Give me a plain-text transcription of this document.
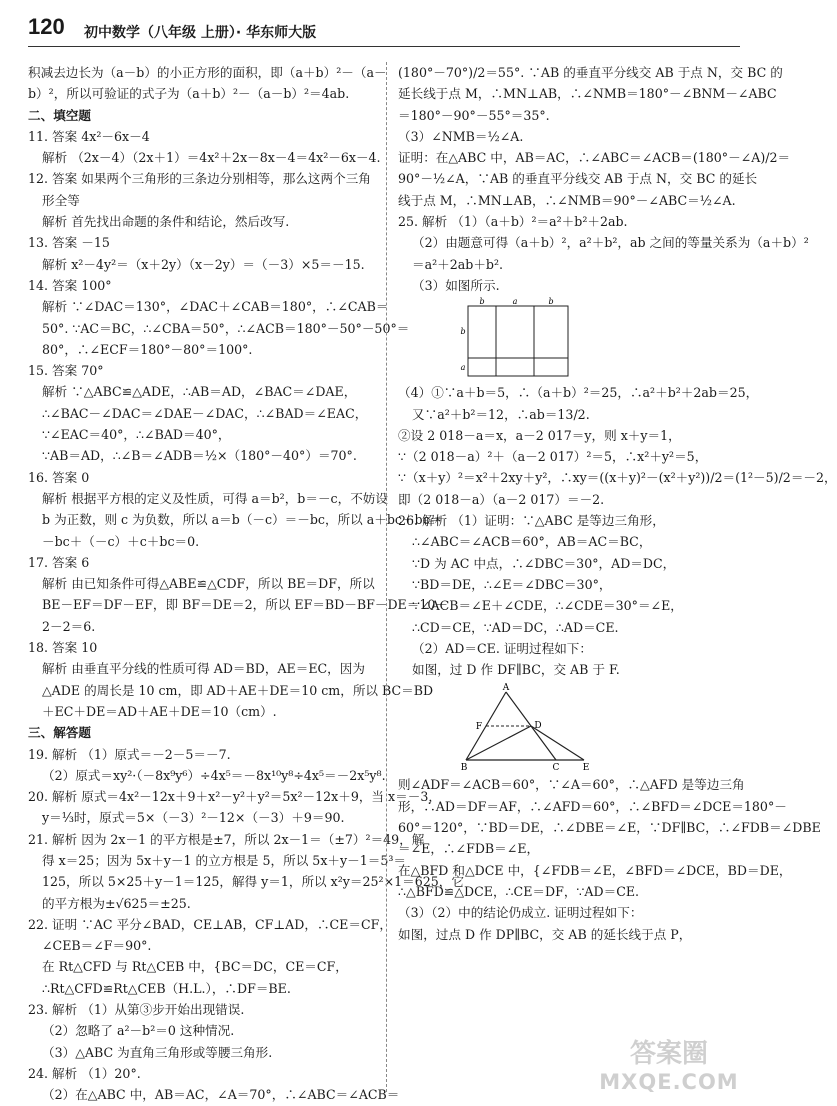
120 初中数学（八年级 上册）· 华东师大版
积减去边长为（a－b）的小正方形的面积，即（a＋b）²－（a－
b）²，所以可验证的式子为（a＋b）²－（a－b）²＝4ab.
二、填空题
11. 答案 4x²－6x－4
解析 （2x－4）（2x＋1）＝4x²＋2x－8x－4＝4x²－6x－4.
12. 答案 如果两个三角形的三条边分别相等，那么这两个三角
形全等
解析 首先找出命题的条件和结论，然后改写.
13. 答案 －15
解析 x²－4y²＝（x＋2y）（x－2y）＝（－3）×5＝－15.
14. 答案 100°
解析 ∵∠DAC＝130°，∠DAC＋∠CAB＝180°，∴∠CAB＝
50°. ∵AC＝BC，∴∠CBA＝50°，∴∠ACB＝180°－50°－50°＝
80°，∴∠ECF＝180°－80°＝100°.
15. 答案 70°
解析 ∵△ABC≌△ADE，∴AB＝AD，∠BAC＝∠DAE，
∴∠BAC－∠DAC＝∠DAE－∠DAC，∴∠BAD＝∠EAC，
∵∠EAC＝40°，∴∠BAD＝40°，
∵AB＝AD，∴∠B＝∠ADB＝½×（180°－40°）＝70°.
16. 答案 0
解析 根据平方根的定义及性质，可得 a＝b²，b＝－c，不妨设
b 为正数，则 c 为负数，所以 a＝b（－c）＝－bc，所以 a＋bc＋bc＝
－bc＋（－c）＋c＋bc＝0.
17. 答案 6
解析 由已知条件可得△ABE≌△CDF，所以 BE＝DF，所以
BE－EF＝DF－EF，即 BF＝DE＝2，所以 EF＝BD－BF－DE＝10－
2－2＝6.
18. 答案 10
解析 由垂直平分线的性质可得 AD＝BD，AE＝EC，因为
△ADE 的周长是 10 cm，即 AD＋AE＋DE＝10 cm，所以 BC＝BD
＋EC＋DE＝AD＋AE＋DE＝10（cm）.
三、解答题
19. 解析 （1）原式＝－2－5＝－7.
（2）原式＝xy²·（－8x⁹y⁶）÷4x⁵＝－8x¹⁰y⁸÷4x⁵＝－2x⁵y⁸.
20. 解析 原式＝4x²－12x＋9＋x²－y²＋y²＝5x²－12x＋9，当 x＝－3，
y＝⅓时，原式＝5×（－3）²－12×（－3）＋9＝90.
21. 解析 因为 2x－1 的平方根是±7，所以 2x－1＝（±7）²＝49，解
得 x＝25；因为 5x＋y－1 的立方根是 5，所以 5x＋y－1＝5³＝
125，所以 5×25＋y－1＝125，解得 y＝1，所以 x²y＝25²×1＝625，它
的平方根为±√625＝±25.
22. 证明 ∵AC 平分∠BAD，CE⊥AB，CF⊥AD，∴CE＝CF，
∠CEB＝∠F＝90°.
在 Rt△CFD 与 Rt△CEB 中，{BC＝DC，CE＝CF，
∴Rt△CFD≌Rt△CEB（H.L.），∴DF＝BE.
23. 解析 （1）从第③步开始出现错误.
（2）忽略了 a²－b²＝0 这种情况.
（3）△ABC 为直角三角形或等腰三角形.
24. 解析 （1）20°.
（2）在△ABC 中，AB＝AC，∠A＝70°，∴∠ABC＝∠ACB＝
(180°－70°)/2＝55°. ∵AB 的垂直平分线交 AB 于点 N，交 BC 的
延长线于点 M，∴MN⊥AB，∴∠NMB＝180°－∠BNM－∠ABC
＝180°－90°－55°＝35°.
（3）∠NMB＝½∠A.
证明：在△ABC 中，AB＝AC，∴∠ABC＝∠ACB＝(180°－∠A)/2＝
90°－½∠A，∵AB 的垂直平分线交 AB 于点 N，交 BC 的延长
线于点 M，∴MN⊥AB，∴∠NMB＝90°－∠ABC＝½∠A.
25. 解析 （1）（a＋b）²＝a²＋b²＋2ab.
（2）由题意可得（a＋b）²，a²＋b²，ab 之间的等量关系为（a＋b）²
＝a²＋2ab＋b².
（3）如图所示.
b	a	b
b
a
（4）①∵a＋b＝5，∴（a＋b）²＝25，∴a²＋b²＋2ab＝25，
又∵a²＋b²＝12，∴ab＝13/2.
②设 2 018－a＝x，a－2 017＝y，则 x＋y＝1，
∵（2 018－a）²＋（a－2 017）²＝5，∴x²＋y²＝5，
∵（x＋y）²＝x²＋2xy＋y²，∴xy＝((x＋y)²－(x²＋y²))/2＝(1²－5)/2＝－2，
即（2 018－a）（a－2 017）＝－2.
26. 解析 （1）证明：∵△ABC 是等边三角形，
∴∠ABC＝∠ACB＝60°，AB＝AC＝BC，
∵D 为 AC 中点，∴∠DBC＝30°，AD＝DC，
∵BD＝DE，∴∠E＝∠DBC＝30°，
∵∠ACB＝∠E＋∠CDE，∴∠CDE＝30°＝∠E，
∴CD＝CE，∵AD＝DC，∴AD＝CE.
（2）AD＝CE. 证明过程如下：
如图，过 D 作 DF∥BC，交 AB 于 F.
A
F	D
B	C	E
则∠ADF＝∠ACB＝60°，∵∠A＝60°，∴△AFD 是等边三角
形，∴AD＝DF＝AF，∴∠AFD＝60°，∴∠BFD＝∠DCE＝180°－
60°＝120°，∵BD＝DE，∴∠DBE＝∠E，∵DF∥BC，∴∠FDB＝∠DBE
＝∠E，∴∠FDB＝∠E，
在△BFD 和△DCE 中，{∠FDB＝∠E，∠BFD＝∠DCE，BD＝DE，
∴△BFD≌△DCE，∴CE＝DF，∵AD＝CE.
（3）（2）中的结论仍成立. 证明过程如下：
如图，过点 D 作 DP∥BC，交 AB 的延长线于点 P，
答案圈
MXQE.COM
